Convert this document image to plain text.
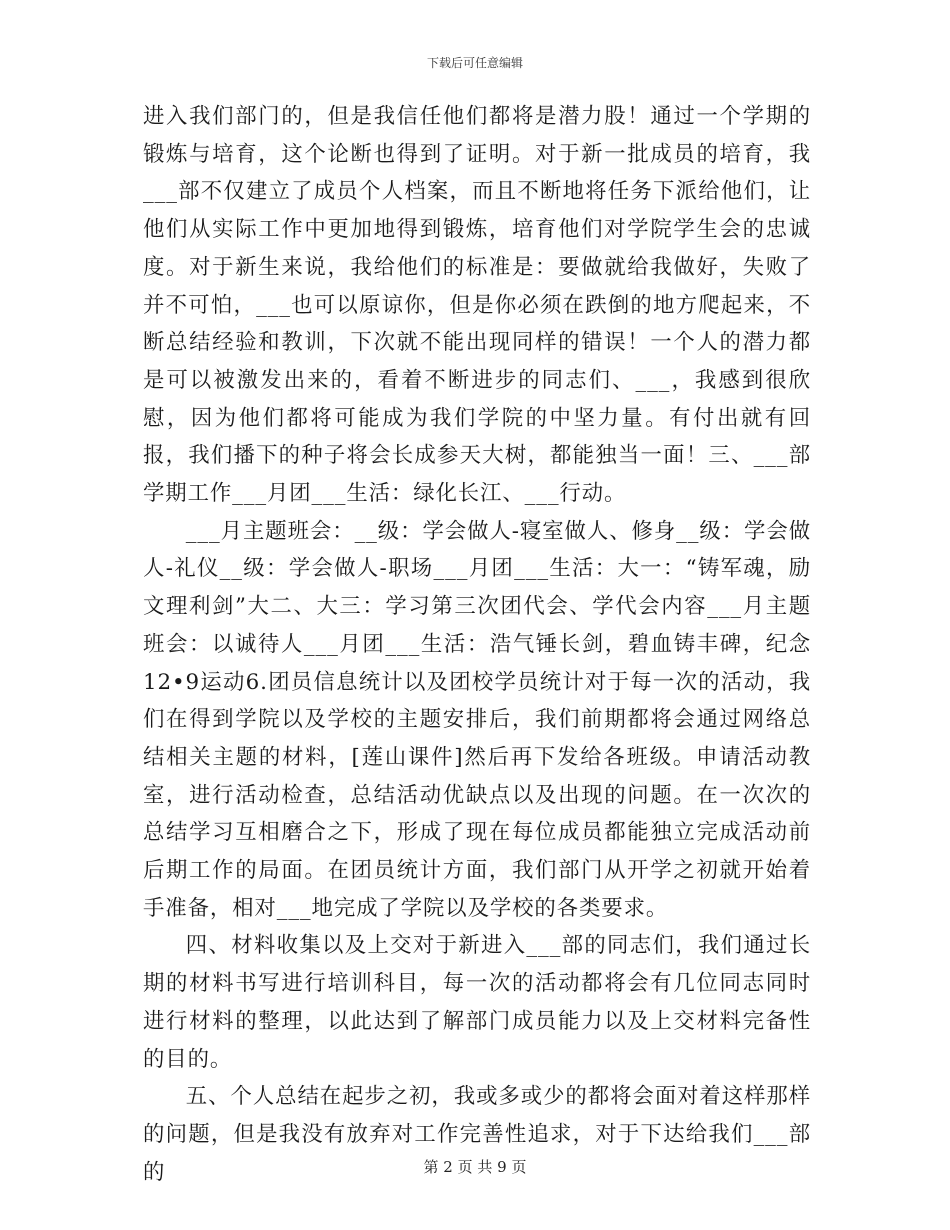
下载后可任意编辑

进入我们部门的，但是我信任他们都将是潜力股！通过一个学期的锻炼与培育，这个论断也得到了证明。对于新一批成员的培育，我___部不仅建立了成员个人档案，而且不断地将任务下派给他们，让他们从实际工作中更加地得到锻炼，培育他们对学院学生会的忠诚度。对于新生来说，我给他们的标准是：要做就给我做好，失败了并不可怕，___也可以原谅你，但是你必须在跌倒的地方爬起来，不断总结经验和教训，下次就不能出现同样的错误！一个人的潜力都是可以被激发出来的，看着不断进步的同志们、___，我感到很欣慰，因为他们都将可能成为我们学院的中坚力量。有付出就有回报，我们播下的种子将会长成参天大树，都能独当一面！三、___部学期工作___月团___生活：绿化长江、___行动。

___月主题班会：__级：学会做人-寝室做人、修身__级：学会做人-礼仪__级：学会做人-职场___月团___生活：大一：“铸军魂，励文理利剑”大二、大三：学习第三次团代会、学代会内容___月主题班会：以诚待人___月团___生活：浩气锤长剑，碧血铸丰碑，纪念12•9运动6.团员信息统计以及团校学员统计对于每一次的活动，我们在得到学院以及学校的主题安排后，我们前期都将会通过网络总结相关主题的材料，[莲山课件]然后再下发给各班级。申请活动教室，进行活动检查，总结活动优缺点以及出现的问题。在一次次的总结学习互相磨合之下，形成了现在每位成员都能独立完成活动前后期工作的局面。在团员统计方面，我们部门从开学之初就开始着手准备，相对___地完成了学院以及学校的各类要求。

四、材料收集以及上交对于新进入___部的同志们，我们通过长期的材料书写进行培训科目，每一次的活动都将会有几位同志同时进行材料的整理，以此达到了解部门成员能力以及上交材料完备性的目的。

五、个人总结在起步之初，我或多或少的都将会面对着这样那样的问题，但是我没有放弃对工作完善性追求，对于下达给我们___部的	第 2 页 共 9 页
